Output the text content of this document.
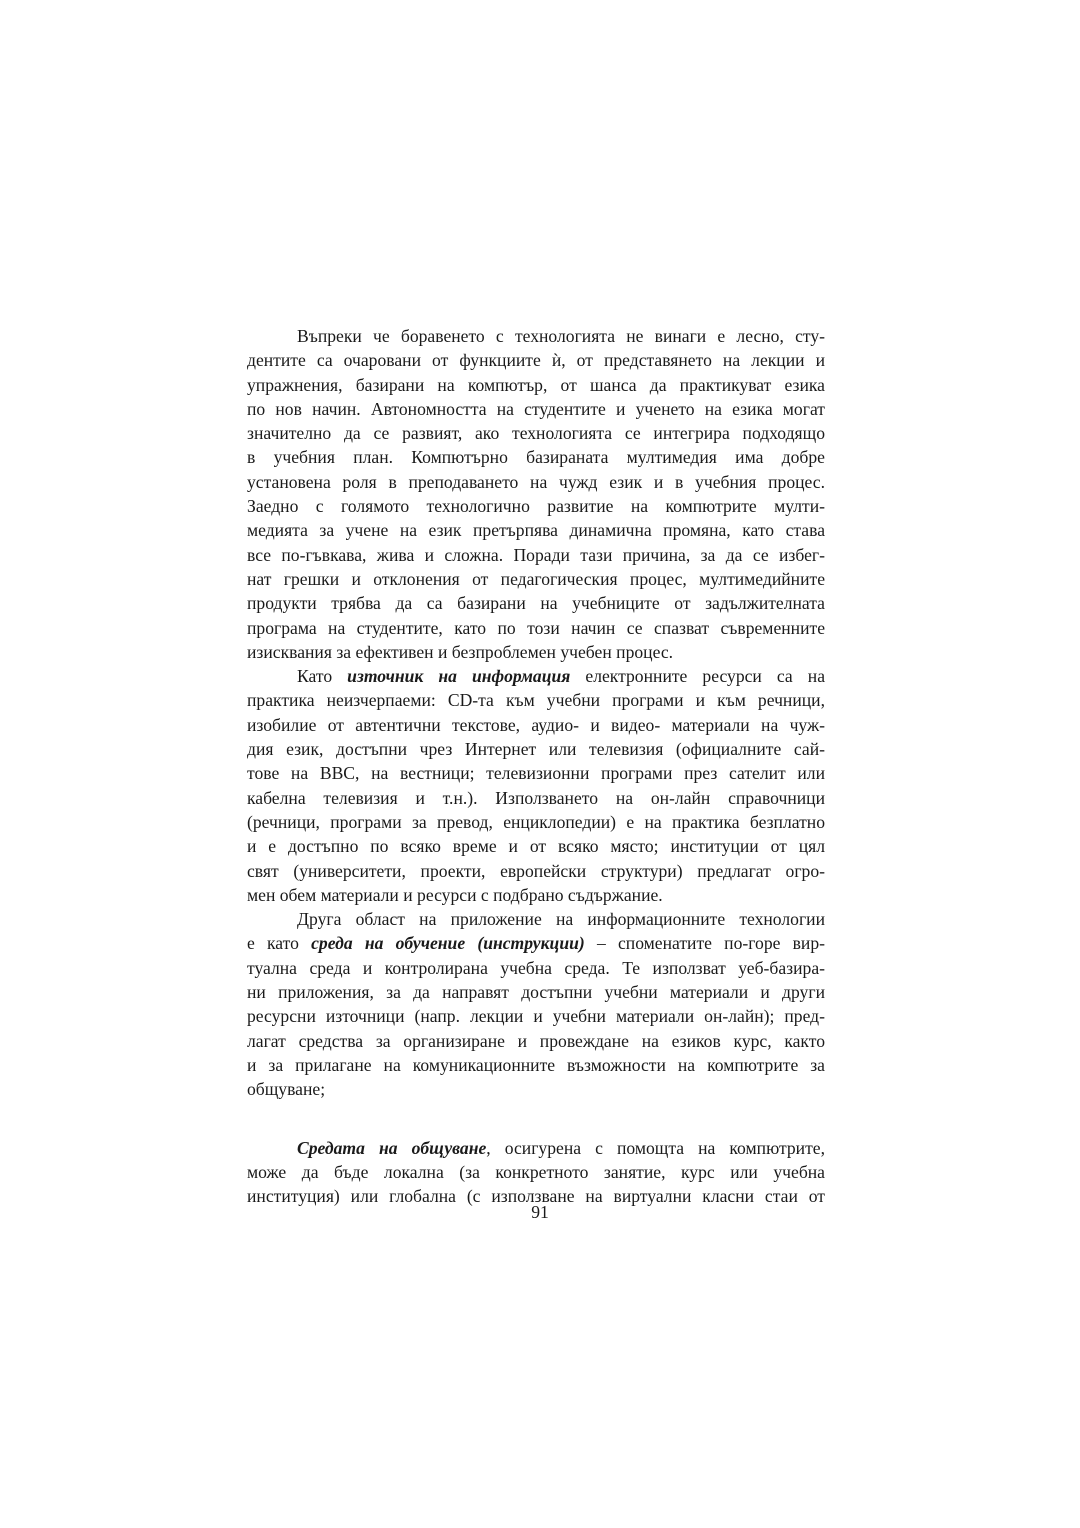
Въпреки че боравенето с технологията не винаги е лесно, сту-
дентите са очаровани от функциите ѝ, от представянето на лекции и
упражнения, базирани на компютър, от шанса да практикуват езика
по нов начин. Автономността на студентите и ученето на езика могат
значително да се развият, ако технологията се интегрира подходящо
в учебния план. Компютърно базираната мултимедия има добре
установена роля в преподаването на чужд език и в учебния процес.
Заедно с голямото технологично развитие на компютрите мулти-
медията за учене на език претърпява динамична промяна, като става
все по-гъвкава, жива и сложна. Поради тази причина, за да се избег-
нат грешки и отклонения от педагогическия процес, мултимедийните
продукти трябва да са базирани на учебниците от задължителната
програма на студентите, като по този начин се спазват съвременните
изисквания за ефективен и безпроблемен учебен процес.
Като източник на информация електронните ресурси са на
практика неизчерпаеми: CD-та към учебни програми и към речници,
изобилие от автентични текстове, аудио- и видео- материали на чуж-
дия език, достъпни чрез Интернет или телевизия (официалните сай-
тове на BBC, на вестници; телевизионни програми през сателит или
кабелна телевизия и т.н.). Използването на он-лайн справочници
(речници, програми за превод, енциклопедии) е на практика безплатно
и е достъпно по всяко време и от всяко място; институции от цял
свят (университети, проекти, европейски структури) предлагат огро-
мен обем материали и ресурси с подбрано съдържание.
Друга област на приложение на информационните технологии
е като среда на обучение (инструкции) – споменатите по-горе вир-
туална среда и контролирана учебна среда. Те използват уеб-базира-
ни приложения, за да направят достъпни учебни материали и други
ресурсни източници (напр. лекции и учебни материали он-лайн); пред-
лагат средства за организиране и провеждане на езиков курс, както
и за прилагане на комуникационните възможности на компютрите за
общуване;
Средата на общуване, осигурена с помощта на компютрите,
може да бъде локална (за конкретното занятие, курс или учебна
институция) или глобална (с използване на виртуални класни стаи от
91
